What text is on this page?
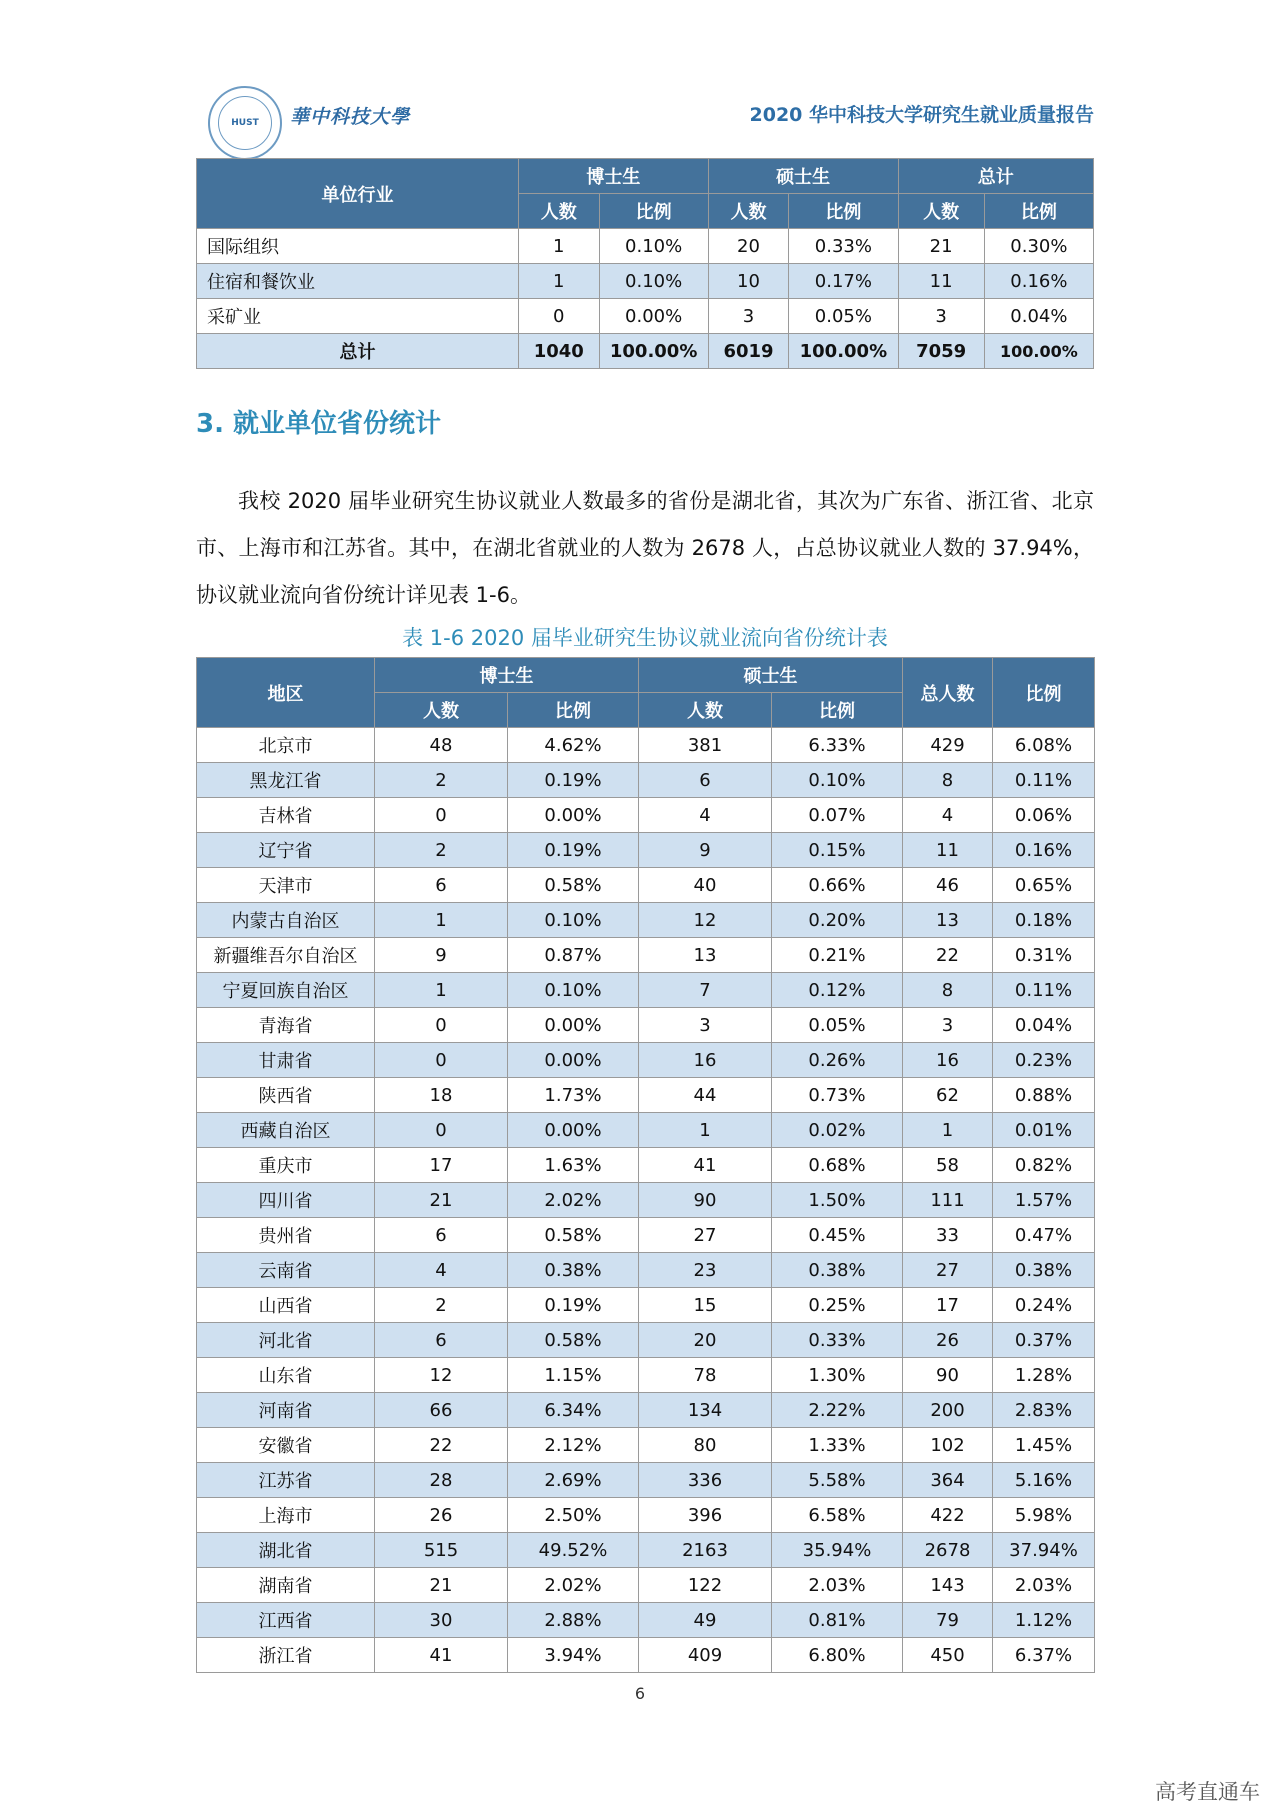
HUST	華中科技大學	2020 华中科技大学研究生就业质量报告
单位行业	博士生		硕士生		总计	
	人数	比例	人数	比例	人数	比例
国际组织	1	0.10%	20	0.33%	21	0.30%
住宿和餐饮业	1	0.10%	10	0.17%	11	0.16%
采矿业	0	0.00%	3	0.05%	3	0.04%
总计	1040	100.00%	6019	100.00%	7059	100.00%
3. 就业单位省份统计

我校 2020 届毕业研究生协议就业人数最多的省份是湖北省，其次为广东省、浙江省、北京市、上海市和江苏省。其中，在湖北省就业的人数为 2678 人，占总协议就业人数的 37.94%，协议就业流向省份统计详见表 1-6。

表 1-6 2020 届毕业研究生协议就业流向省份统计表
地区	博士生		硕士生		总人数	比例
	人数	比例	人数	比例		
北京市	48	4.62%	381	6.33%	429	6.08%
黑龙江省	2	0.19%	6	0.10%	8	0.11%
吉林省	0	0.00%	4	0.07%	4	0.06%
辽宁省	2	0.19%	9	0.15%	11	0.16%
天津市	6	0.58%	40	0.66%	46	0.65%
内蒙古自治区	1	0.10%	12	0.20%	13	0.18%
新疆维吾尔自治区	9	0.87%	13	0.21%	22	0.31%
宁夏回族自治区	1	0.10%	7	0.12%	8	0.11%
青海省	0	0.00%	3	0.05%	3	0.04%
甘肃省	0	0.00%	16	0.26%	16	0.23%
陕西省	18	1.73%	44	0.73%	62	0.88%
西藏自治区	0	0.00%	1	0.02%	1	0.01%
重庆市	17	1.63%	41	0.68%	58	0.82%
四川省	21	2.02%	90	1.50%	111	1.57%
贵州省	6	0.58%	27	0.45%	33	0.47%
云南省	4	0.38%	23	0.38%	27	0.38%
山西省	2	0.19%	15	0.25%	17	0.24%
河北省	6	0.58%	20	0.33%	26	0.37%
山东省	12	1.15%	78	1.30%	90	1.28%
河南省	66	6.34%	134	2.22%	200	2.83%
安徽省	22	2.12%	80	1.33%	102	1.45%
江苏省	28	2.69%	336	5.58%	364	5.16%
上海市	26	2.50%	396	6.58%	422	5.98%
湖北省	515	49.52%	2163	35.94%	2678	37.94%
湖南省	21	2.02%	122	2.03%	143	2.03%
江西省	30	2.88%	49	0.81%	79	1.12%
浙江省	41	3.94%	409	6.80%	450	6.37%
6
高考直通车
